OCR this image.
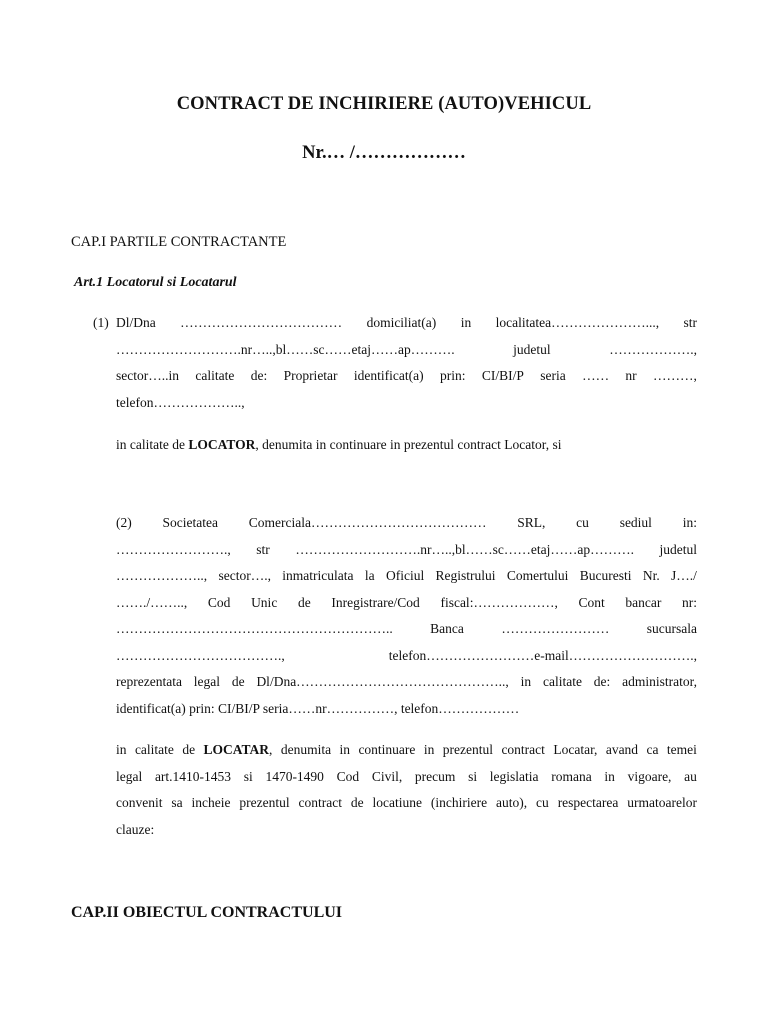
CONTRACT DE INCHIRIERE (AUTO)VEHICUL
Nr.… /………………
CAP.I PARTILE CONTRACTANTE
Art.1 Locatorul si Locatarul
(1) Dl/Dna ……………………………… domiciliat(a) in localitatea…………………..., str
……………………….nr…..,bl……sc……etaj……ap……….	judetul	……………….,
sector…..in calitate de: Proprietar identificat(a) prin: CI/BI/P seria …… nr ………,
telefon………………..,
in calitate de LOCATOR, denumita in continuare in prezentul contract Locator, si
(2) Societatea Comerciala………………………………… SRL, cu sediul in:
……………………., str ……………………….nr…..,bl……sc……etaj……ap………. judetul
……………….., sector…., inmatriculata la Oficiul Registrului Comertului Bucuresti Nr. J…./
……./…….., Cod Unic de Inregistrare/Cod fiscal:………………, Cont bancar nr:
……………………………………………………..	Banca	……………………	sucursala
……………………………….,	telefon……………………e-mail……………………….,
reprezentata legal de Dl/Dna……………………………………….., in calitate de: administrator,
identificat(a) prin: CI/BI/P seria……nr……………, telefon………………
in calitate de LOCATAR, denumita in continuare in prezentul contract Locatar, avand ca temei
legal art.1410-1453 si 1470-1490 Cod Civil, precum si legislatia romana in vigoare, au
convenit sa incheie prezentul contract de locatiune (inchiriere auto), cu respectarea urmatoarelor
clauze:
CAP.II OBIECTUL CONTRACTULUI
